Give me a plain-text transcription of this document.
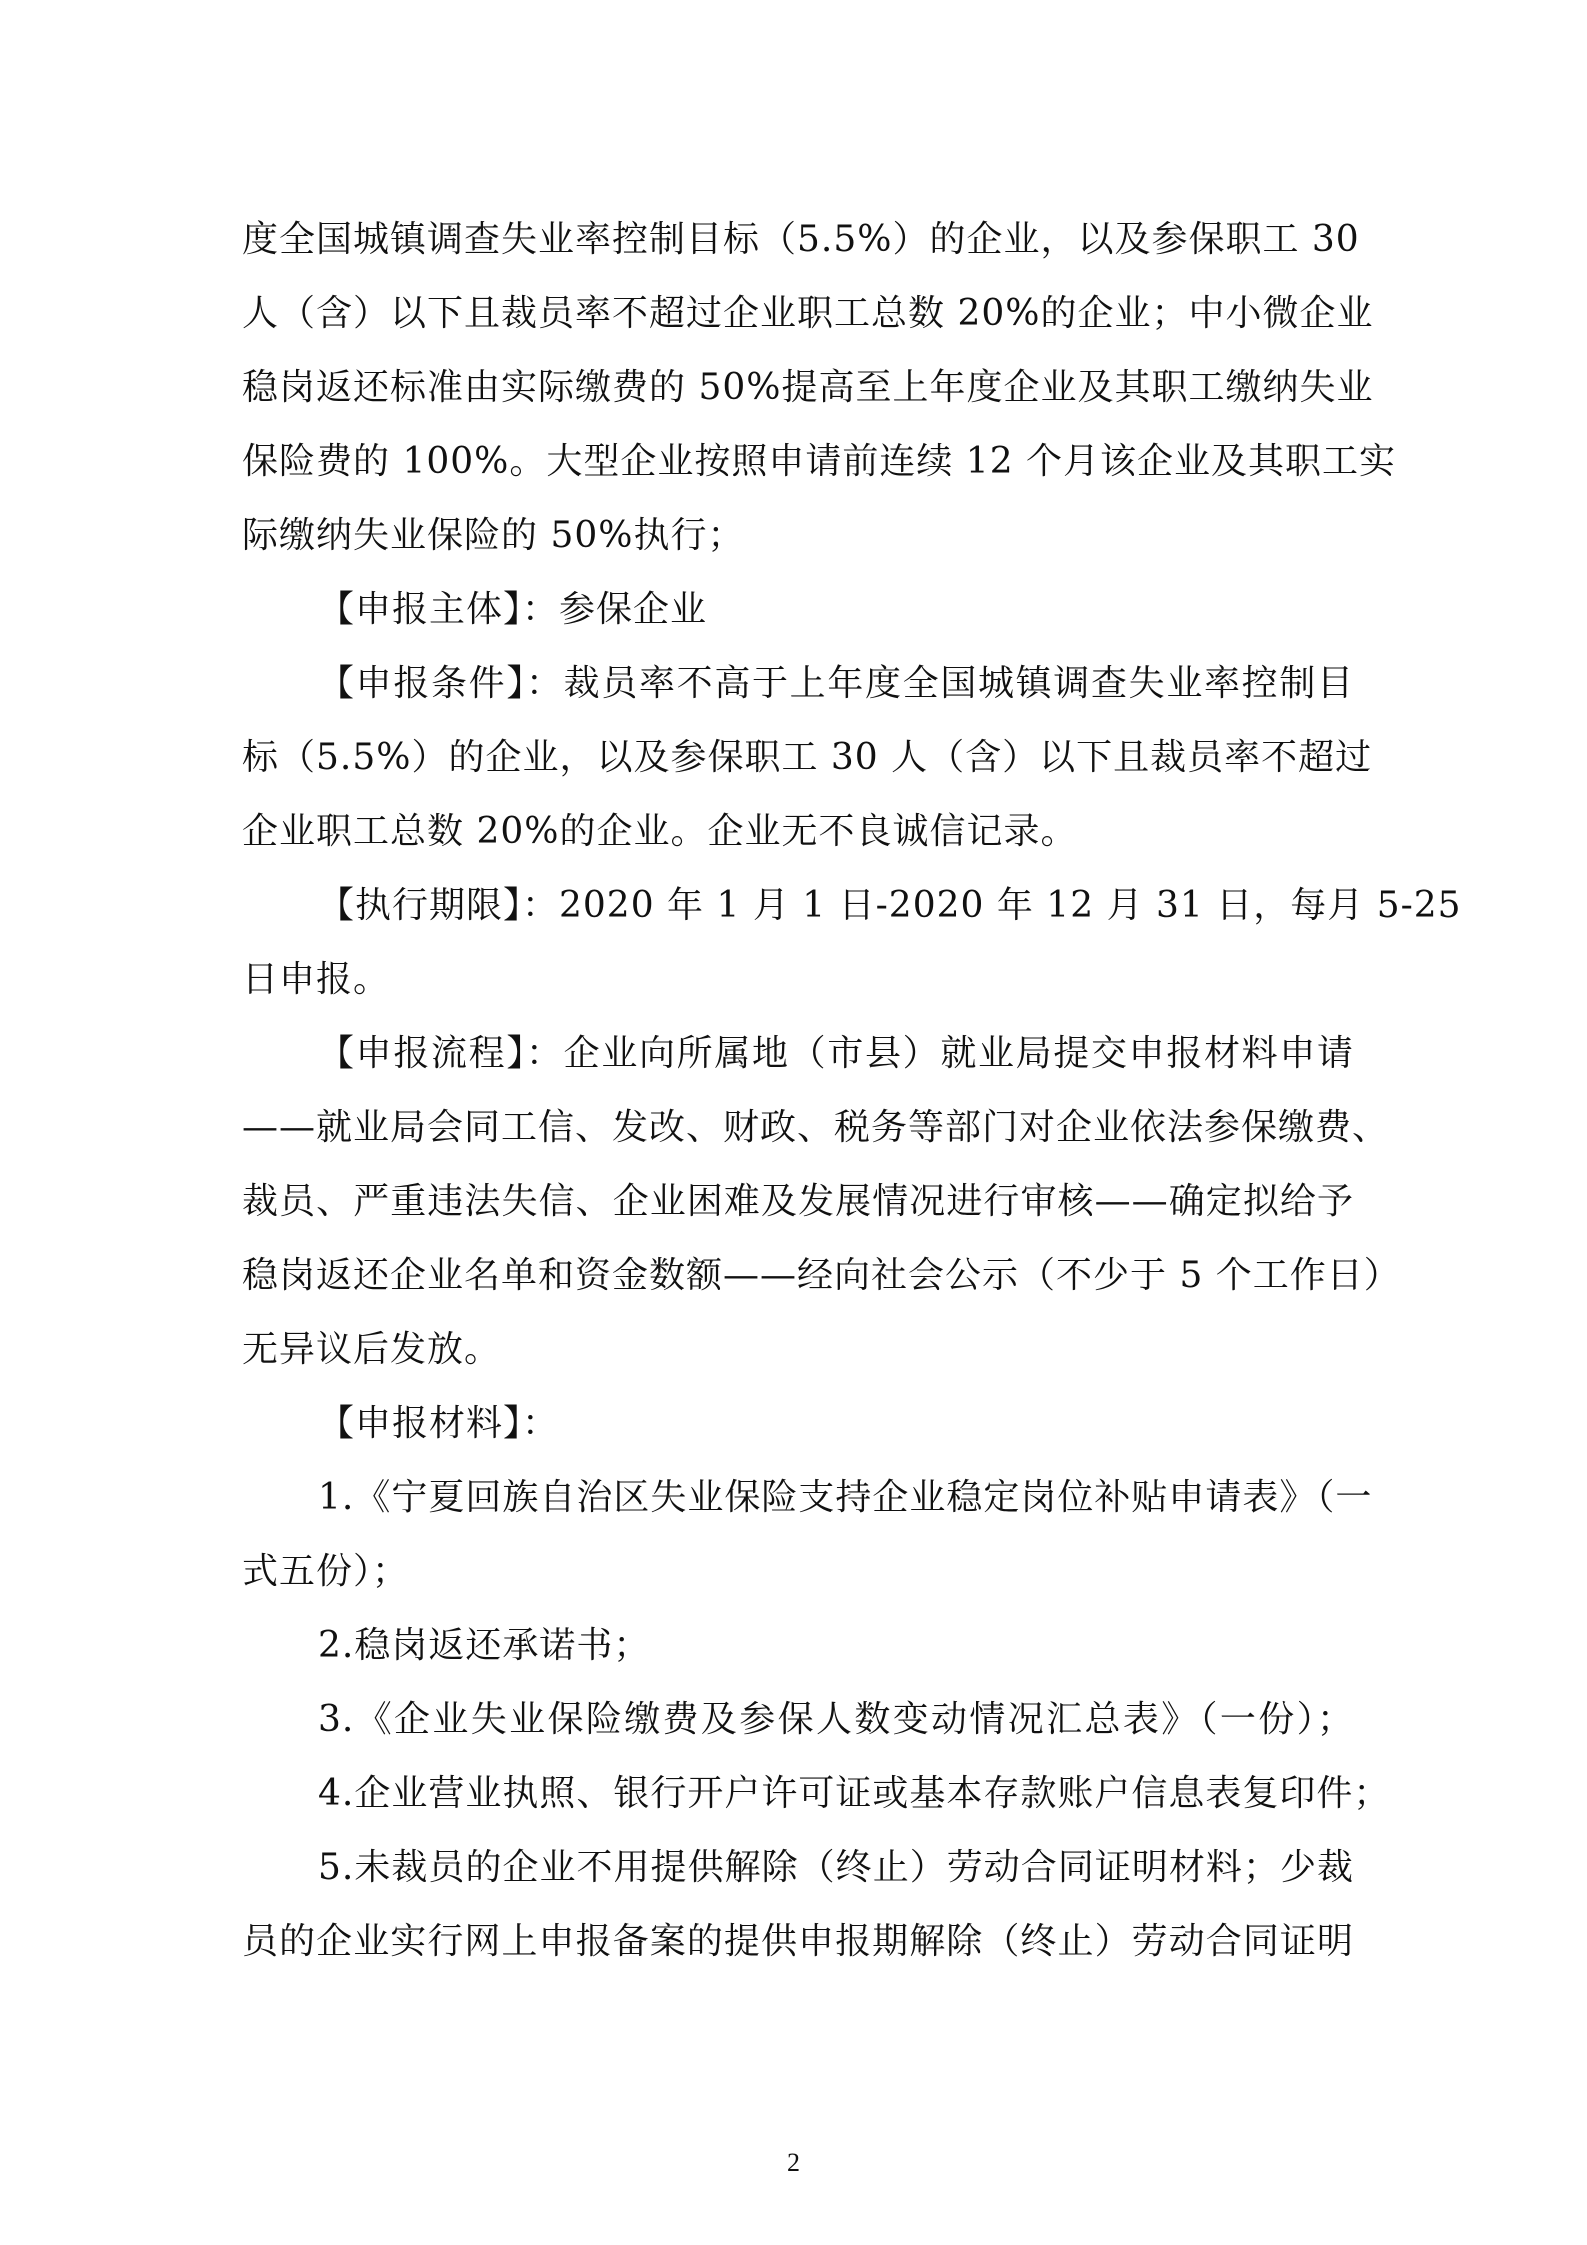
度全国城镇调查失业率控制目标（5.5%）的企业，以及参保职工 30
人（含）以下且裁员率不超过企业职工总数 20%的企业；中小微企业
稳岗返还标准由实际缴费的 50%提高至上年度企业及其职工缴纳失业
保险费的 100%。大型企业按照申请前连续 12 个月该企业及其职工实
际缴纳失业保险的 50%执行；
【申报主体】：参保企业
【申报条件】：裁员率不高于上年度全国城镇调查失业率控制目
标（5.5%）的企业，以及参保职工 30 人（含）以下且裁员率不超过
企业职工总数 20%的企业。企业无不良诚信记录。
【执行期限】：2020 年 1 月 1 日-2020 年 12 月 31 日，每月 5-25
日申报。
【申报流程】：企业向所属地（市县）就业局提交申报材料申请
——就业局会同工信、发改、财政、税务等部门对企业依法参保缴费、
裁员、严重违法失信、企业困难及发展情况进行审核——确定拟给予
稳岗返还企业名单和资金数额——经向社会公示（不少于 5 个工作日）
无异议后发放。
【申报材料】：
1.《宁夏回族自治区失业保险支持企业稳定岗位补贴申请表》（一
式五份）；
2.稳岗返还承诺书；
3.《企业失业保险缴费及参保人数变动情况汇总表》（一份）；
4.企业营业执照、银行开户许可证或基本存款账户信息表复印件；
5.未裁员的企业不用提供解除（终止）劳动合同证明材料；少裁
员的企业实行网上申报备案的提供申报期解除（终止）劳动合同证明
2
